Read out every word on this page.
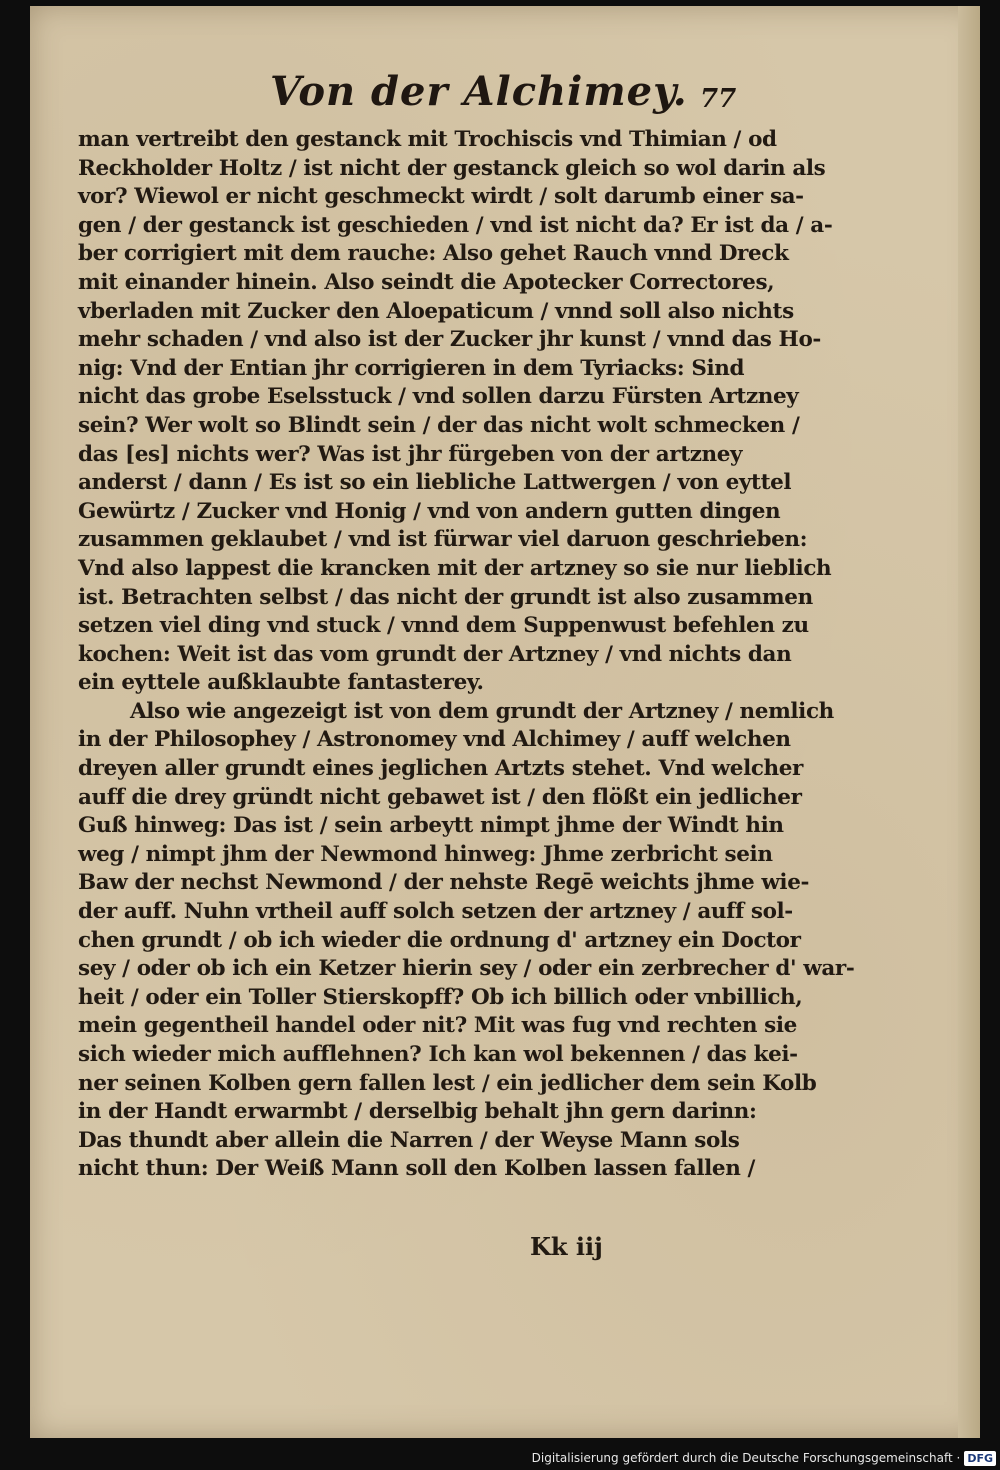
Von der Alchimey. 77
man vertreibt den gestanck mit Trochiscis vnd Thimian / od
Reckholder Holtz / ist nicht der gestanck gleich so wol darin als
vor? Wiewol er nicht geschmeckt wirdt / solt darumb einer sa-
gen / der gestanck ist geschieden / vnd ist nicht da? Er ist da / a-
ber corrigiert mit dem rauche: Also gehet Rauch vnnd Dreck
mit einander hinein. Also seindt die Apotecker Correctores,
vberladen mit Zucker den Aloepaticum / vnnd soll also nichts
mehr schaden / vnd also ist der Zucker jhr kunst / vnnd das Ho-
nig: Vnd der Entian jhr corrigieren in dem Tyriacks: Sind
nicht das grobe Eselsstuck / vnd sollen darzu Fürsten Artzney
sein? Wer wolt so Blindt sein / der das nicht wolt schmecken /
das [es] nichts wer? Was ist jhr fürgeben von der artzney
anderst / dann / Es ist so ein liebliche Lattwergen / von eyttel
Gewürtz / Zucker vnd Honig / vnd von andern gutten dingen
zusammen geklaubet / vnd ist fürwar viel daruon geschrieben:
Vnd also lappest die krancken mit der artzney so sie nur lieblich
ist. Betrachten selbst / das nicht der grundt ist also zusammen
setzen viel ding vnd stuck / vnnd dem Suppenwust befehlen zu
kochen: Weit ist das vom grundt der Artzney / vnd nichts dan
ein eyttele außklaubte fantasterey.
Also wie angezeigt ist von dem grundt der Artzney / nemlich
in der Philosophey / Astronomey vnd Alchimey / auff welchen
dreyen aller grundt eines jeglichen Artzts stehet. Vnd welcher
auff die drey gründt nicht gebawet ist / den flößt ein jedlicher
Guß hinweg: Das ist / sein arbeytt nimpt jhme der Windt hin
weg / nimpt jhm der Newmond hinweg: Jhme zerbricht sein
Baw der nechst Newmond / der nehste Regē weichts jhme wie-
der auff. Nuhn vrtheil auff solch setzen der artzney / auff sol-
chen grundt / ob ich wieder die ordnung d' artzney ein Doctor
sey / oder ob ich ein Ketzer hierin sey / oder ein zerbrecher d' war-
heit / oder ein Toller Stierskopff? Ob ich billich oder vnbillich,
mein gegentheil handel oder nit? Mit was fug vnd rechten sie
sich wieder mich aufflehnen? Ich kan wol bekennen / das kei-
ner seinen Kolben gern fallen lest / ein jedlicher dem sein Kolb
in der Handt erwarmbt / derselbig behalt jhn gern darinn:
Das thundt aber allein die Narren / der Weyse Mann sols
nicht thun: Der Weiß Mann soll den Kolben lassen fallen /
Kk iij
Digitalisierung gefördert durch die Deutsche Forschungsgemeinschaft · DFG
